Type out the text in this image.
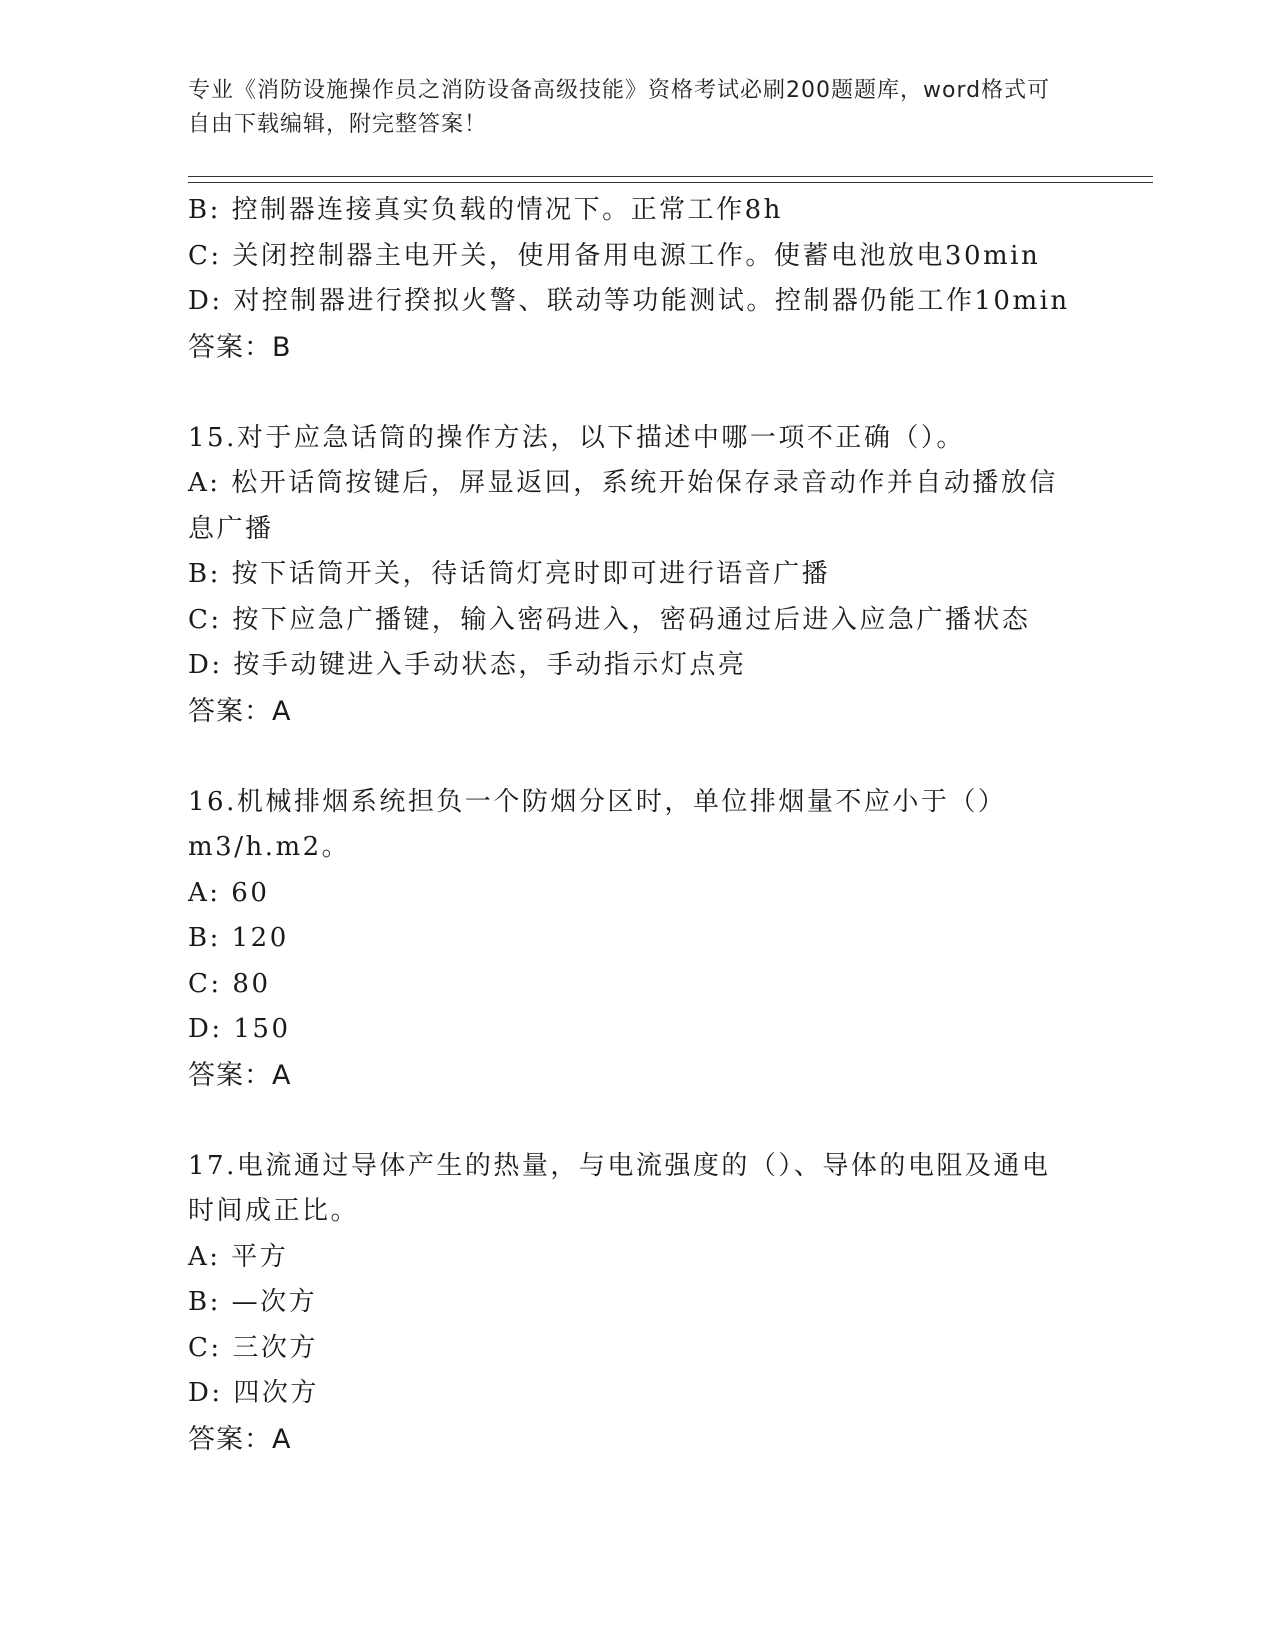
专业《消防设施操作员之消防设备高级技能》资格考试必刷200题题库，word格式可自由下载编辑，附完整答案！
B: 控制器连接真实负载的情况下。正常工作8h
C: 关闭控制器主电开关，使用备用电源工作。使蓄电池放电30min
D: 对控制器进行揆拟火警、联动等功能测试。控制器仍能工作10min
答案：B
15.对于应急话筒的操作方法，以下描述中哪一项不正确（）。
A: 松开话筒按键后，屏显返回，系统开始保存录音动作并自动播放信
息广播
B: 按下话筒开关，待话筒灯亮时即可进行语音广播
C: 按下应急广播键，输入密码进入，密码通过后进入应急广播状态
D: 按手动键进入手动状态，手动指示灯点亮
答案：A
16.机械排烟系统担负一个防烟分区时，单位排烟量不应小于（）
m3/h.m2。
A: 60
B: 120
C: 80
D: 150
答案：A
17.电流通过导体产生的热量，与电流强度的（）、导体的电阻及通电
时间成正比。
A: 平方
B: —次方
C: 三次方
D: 四次方
答案：A
